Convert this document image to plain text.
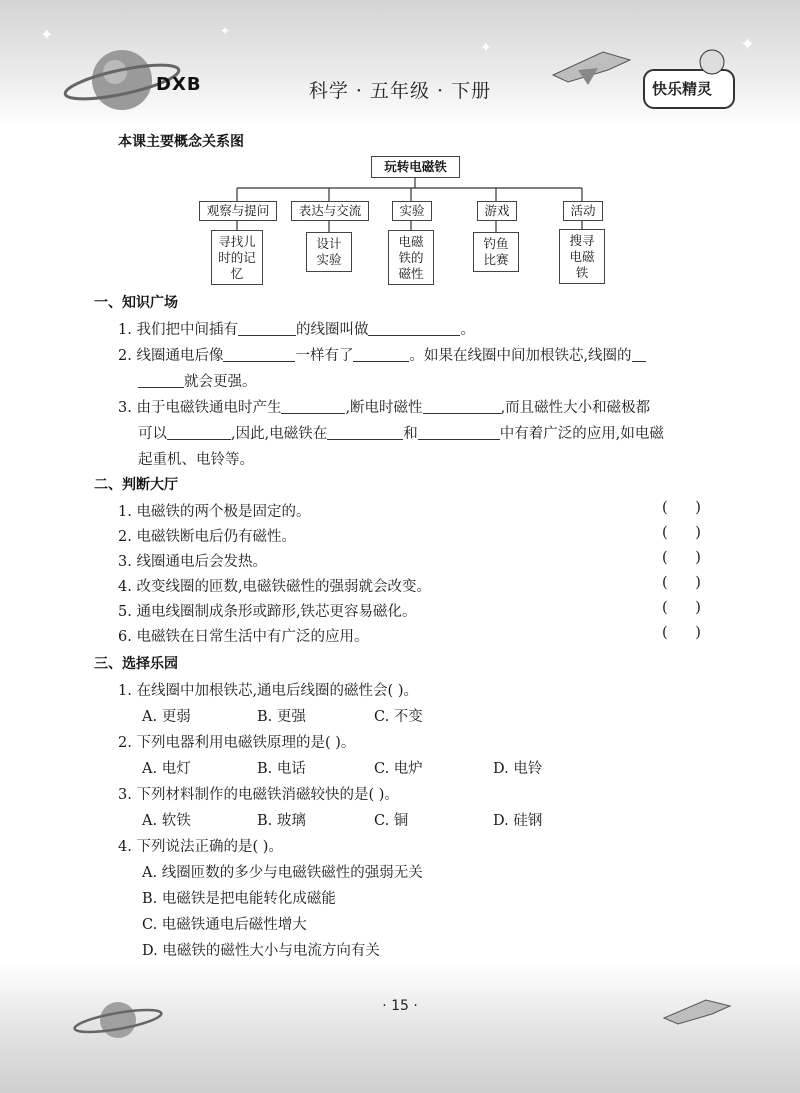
✦	✦
✦	✦
快乐精灵
DXB	科学 · 五年级 · 下册
本课主要概念关系图
玩转电磁铁
观察与提问	表达与交流	实验	游戏	活动
寻找儿
时的记
忆
设计
实验
电磁
铁的
磁性
钓鱼
比赛
搜寻
电磁
铁
一、知识广场
1. 我们把中间插有	的线圈叫做	。
2. 线圈通电后像	一样有了	。如果在线圈中间加根铁芯,线圈的
就会更强。
3. 由于电磁铁通电时产生	,断电时磁性	,而且磁性大小和磁极都
可以	,因此,电磁铁在	和	中有着广泛的应用,如电磁
起重机、电铃等。
二、判断大厅
1. 电磁铁的两个极是固定的。	(      )
2. 电磁铁断电后仍有磁性。	(      )
3. 线圈通电后会发热。	(      )
4. 改变线圈的匝数,电磁铁磁性的强弱就会改变。	(      )
5. 通电线圈制成条形或蹄形,铁芯更容易磁化。	(      )
6. 电磁铁在日常生活中有广泛的应用。	(      )
三、选择乐园
1. 在线圈中加根铁芯,通电后线圈的磁性会( )。
A. 更弱	B. 更强	C. 不变
2. 下列电器利用电磁铁原理的是( )。
A. 电灯	B. 电话	C. 电炉	D. 电铃
3. 下列材料制作的电磁铁消磁较快的是( )。
A. 软铁	B. 玻璃	C. 铜	D. 硅钢
4. 下列说法正确的是( )。
A. 线圈匝数的多少与电磁铁磁性的强弱无关
B. 电磁铁是把电能转化成磁能
C. 电磁铁通电后磁性增大
D. 电磁铁的磁性大小与电流方向有关
· 15 ·
